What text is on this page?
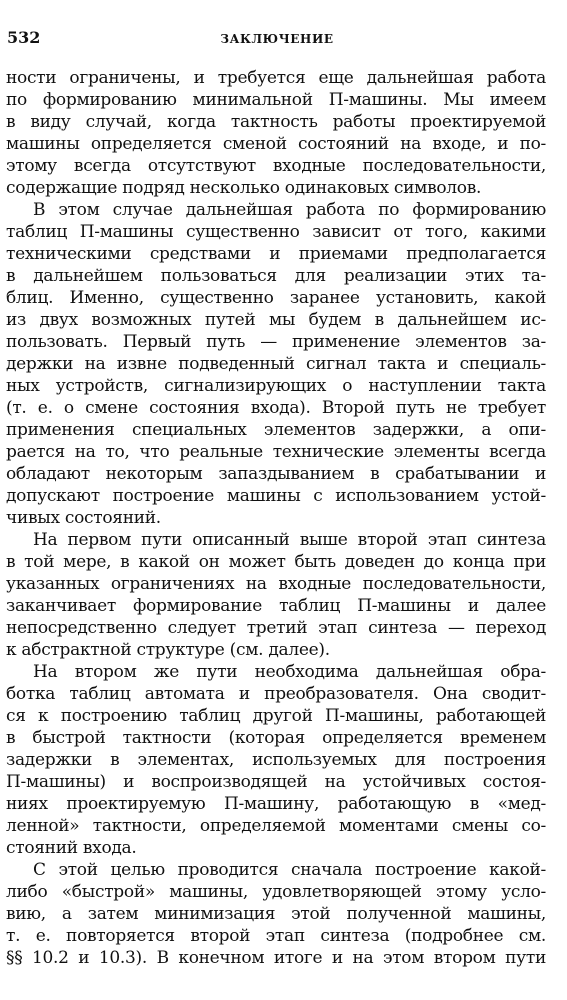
532	ЗАКЛЮЧЕНИЕ
ности ограничены, и требуется еще дальнейшая работа
по формированию минимальной П-машины. Мы имеем
в виду случай, когда тактность работы проектируемой
машины определяется сменой состояний на входе, и по-
этому всегда отсутствуют входные последовательности,
содержащие подряд несколько одинаковых символов.
В этом случае дальнейшая работа по формированию
таблиц П-машины существенно зависит от того, какими
техническими средствами и приемами предполагается
в дальнейшем пользоваться для реализации этих та-
блиц. Именно, существенно заранее установить, какой
из двух возможных путей мы будем в дальнейшем ис-
пользовать. Первый путь — применение элементов за-
держки на извне подведенный сигнал такта и специаль-
ных устройств, сигнализирующих о наступлении такта
(т. е. о смене состояния входа). Второй путь не требует
применения специальных элементов задержки, а опи-
рается на то, что реальные технические элементы всегда
обладают некоторым запаздыванием в срабатывании и
допускают построение машины с использованием устой-
чивых состояний.
На первом пути описанный выше второй этап синтеза
в той мере, в какой он может быть доведен до конца при
указанных ограничениях на входные последовательности,
заканчивает формирование таблиц П-машины и далее
непосредственно следует третий этап синтеза — переход
к абстрактной структуре (см. далее).
На втором же пути необходима дальнейшая обра-
ботка таблиц автомата и преобразователя. Она сводит-
ся к построению таблиц другой П-машины, работающей
в быстрой тактности (которая определяется временем
задержки в элементах, используемых для построения
П-машины) и воспроизводящей на устойчивых состоя-
ниях проектируемую П-машину, работающую в «мед-
ленной» тактности, определяемой моментами смены со-
стояний входа.
С этой целью проводится сначала построение какой-
либо «быстрой» машины, удовлетворяющей этому усло-
вию, а затем минимизация этой полученной машины,
т. е. повторяется второй этап синтеза (подробнее см.
§§ 10.2 и 10.3). В конечном итоге и на этом втором пути
